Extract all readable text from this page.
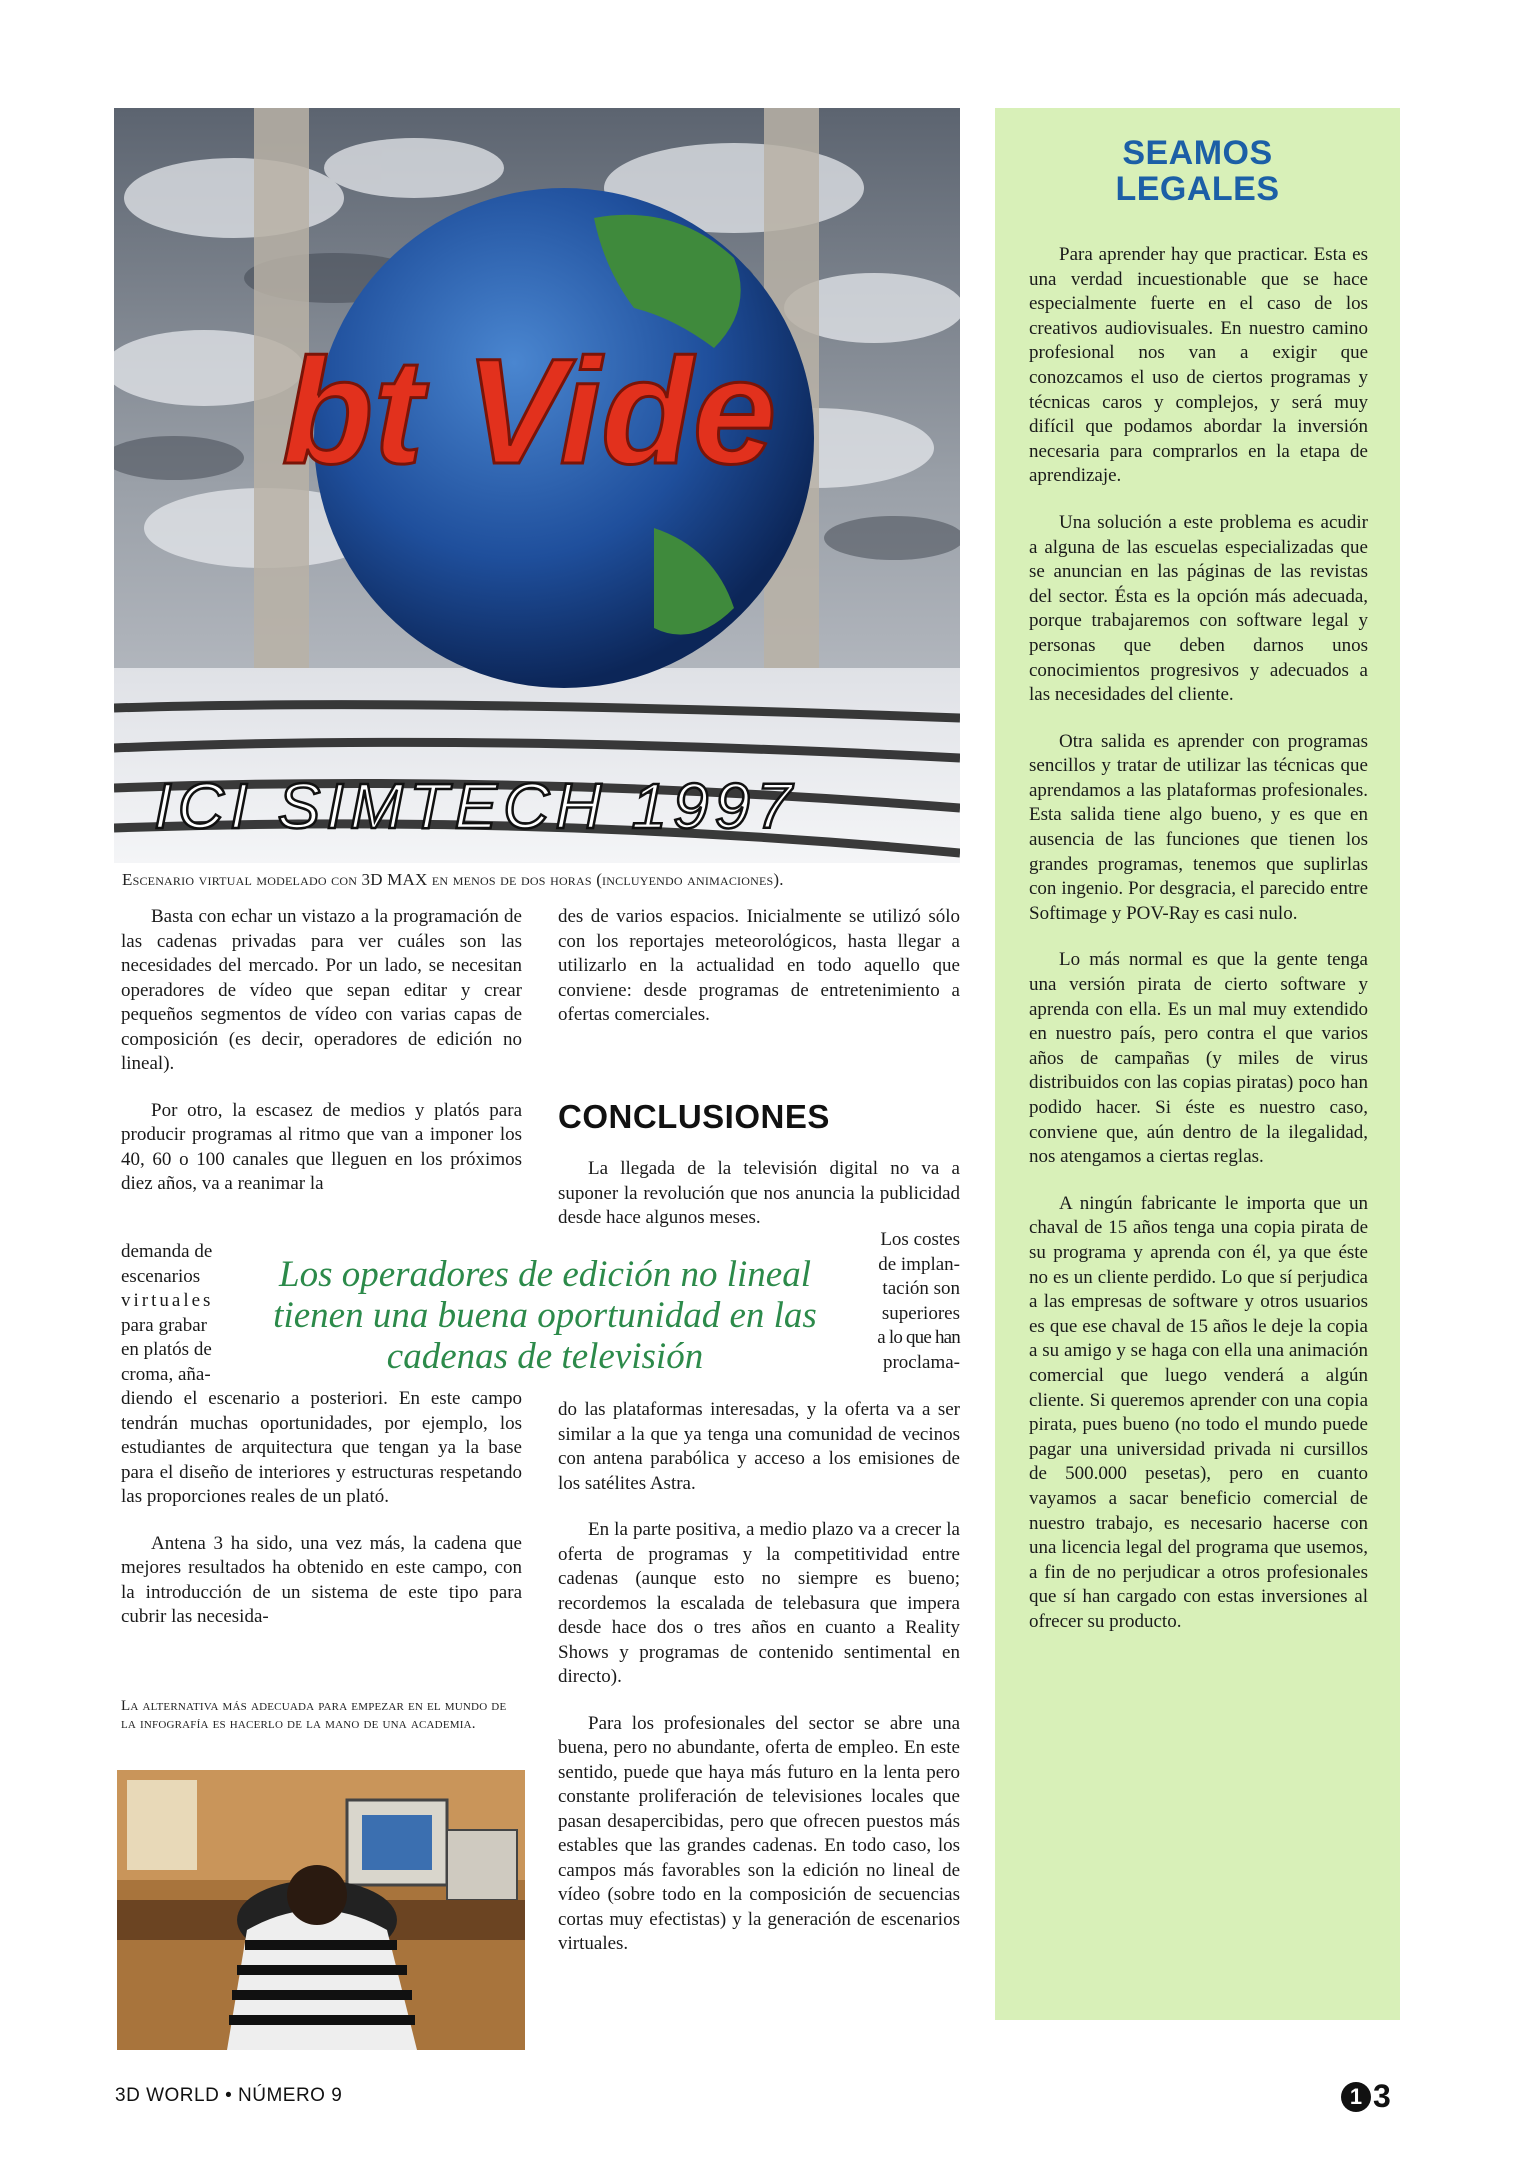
bt Vide
ICI SIMTECH 1997
Escenario virtual modelado con 3D MAX en menos de dos horas (incluyendo animaciones).

Basta con echar un vistazo a la programación de las cadenas privadas para ver cuáles son las necesidades del mercado. Por un lado, se necesitan operadores de vídeo que sepan editar y crear pequeños segmentos de vídeo con varias capas de composición (es decir, operadores de edición no lineal).

Por otro, la escasez de medios y platós para producir programas al ritmo que van a imponer los 40, 60 o 100 canales que lleguen en los próximos diez años, va a reanimar la

demanda de
escenarios
virtuales
para grabar
en platós de
croma, aña-

diendo el escenario a posteriori. En este campo tendrán muchas oportunidades, por ejemplo, los estudiantes de arquitectura que tengan ya la base para el diseño de interiores y estructuras respetando las proporciones reales de un plató.

Antena 3 ha sido, una vez más, la cadena que mejores resultados ha obtenido en este campo, con la introducción de un sistema de este tipo para cubrir las necesida-

La alternativa más adecuada para empezar en el mundo de la infografía es hacerlo de la mano de una academia.

des de varios espacios. Inicialmente se utilizó sólo con los reportajes meteorológicos, hasta llegar a utilizarlo en la actualidad en todo aquello que conviene: desde programas de entretenimiento a ofertas comerciales.

CONCLUSIONES

La llegada de la televisión digital no va a suponer la revolución que nos anuncia la publicidad desde hace algunos meses.

Los costes
de implan-
tación son
superiores
a lo que han
proclama-

do las plataformas interesadas, y la oferta va a ser similar a la que ya tenga una comunidad de vecinos con antena parabólica y acceso a los emisiones de los satélites Astra.

En la parte positiva, a medio plazo va a crecer la oferta de programas y la competitividad entre cadenas (aunque esto no siempre es bueno; recordemos la escalada de telebasura que impera desde hace dos o tres años en cuanto a Reality Shows y programas de contenido sentimental en directo).

Para los profesionales del sector se abre una buena, pero no abundante, oferta de empleo. En este sentido, puede que haya más futuro en la lenta pero constante proliferación de televisiones locales que pasan desapercibidas, pero que ofrecen puestos más estables que las grandes cadenas. En todo caso, los campos más favorables son la edición no lineal de vídeo (sobre todo en la composición de secuencias cortas muy efectistas) y la generación de escenarios virtuales.

Los operadores de edición no lineal tienen una buena oportunidad en las cadenas de televisión
SEAMOS LEGALES

Para aprender hay que practicar. Esta es una verdad incuestionable que se hace especialmente fuerte en el caso de los creativos audiovisuales. En nuestro camino profesional nos van a exigir que conozcamos el uso de ciertos programas y técnicas caros y complejos, y será muy difícil que podamos abordar la inversión necesaria para comprarlos en la etapa de aprendizaje.

Una solución a este problema es acudir a alguna de las escuelas especializadas que se anuncian en las páginas de las revistas del sector. Ésta es la opción más adecuada, porque trabajaremos con software legal y personas que deben darnos unos conocimientos progresivos y adecuados a las necesidades del cliente.

Otra salida es aprender con programas sencillos y tratar de utilizar las técnicas que aprendamos a las plataformas profesionales. Esta salida tiene algo bueno, y es que en ausencia de las funciones que tienen los grandes programas, tenemos que suplirlas con ingenio. Por desgracia, el parecido entre Softimage y POV-Ray es casi nulo.

Lo más normal es que la gente tenga una versión pirata de cierto software y aprenda con ella. Es un mal muy extendido en nuestro país, pero contra el que varios años de campañas (y miles de virus distribuidos con las copias piratas) poco han podido hacer. Si éste es nuestro caso, conviene que, aún dentro de la ilegalidad, nos atengamos a ciertas reglas.

A ningún fabricante le importa que un chaval de 15 años tenga una copia pirata de su programa y aprenda con él, ya que éste no es un cliente perdido. Lo que sí perjudica a las empresas de software y otros usuarios es que ese chaval de 15 años le deje la copia a su amigo y se haga con ella una animación comercial que luego venderá a algún cliente. Si queremos aprender con una copia pirata, pues bueno (no todo el mundo puede pagar una universidad privada ni cursillos de 500.000 pesetas), pero en cuanto vayamos a sacar beneficio comercial de nuestro trabajo, es necesario hacerse con una licencia legal del programa que usemos, a fin de no perjudicar a otros profesionales que sí han cargado con estas inversiones al ofrecer su producto.

3D WORLD • NÚMERO 9	1 3
